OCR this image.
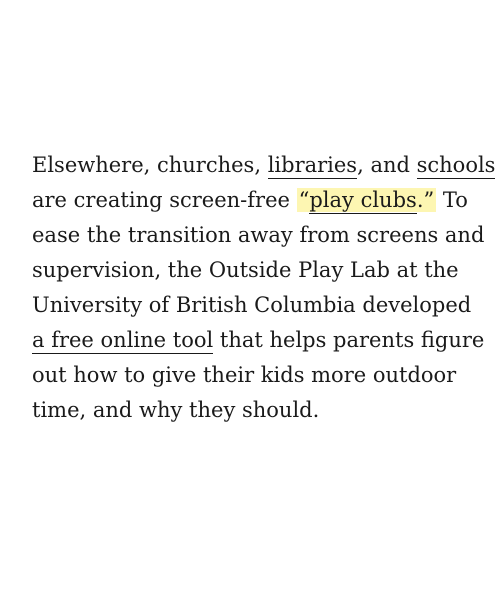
Elsewhere, churches, libraries, and schools
are creating screen-free “play clubs.” To
ease the transition away from screens and
supervision, the Outside Play Lab at the
University of British Columbia developed
a free online tool that helps parents figure
out how to give their kids more outdoor
time, and why they should.
